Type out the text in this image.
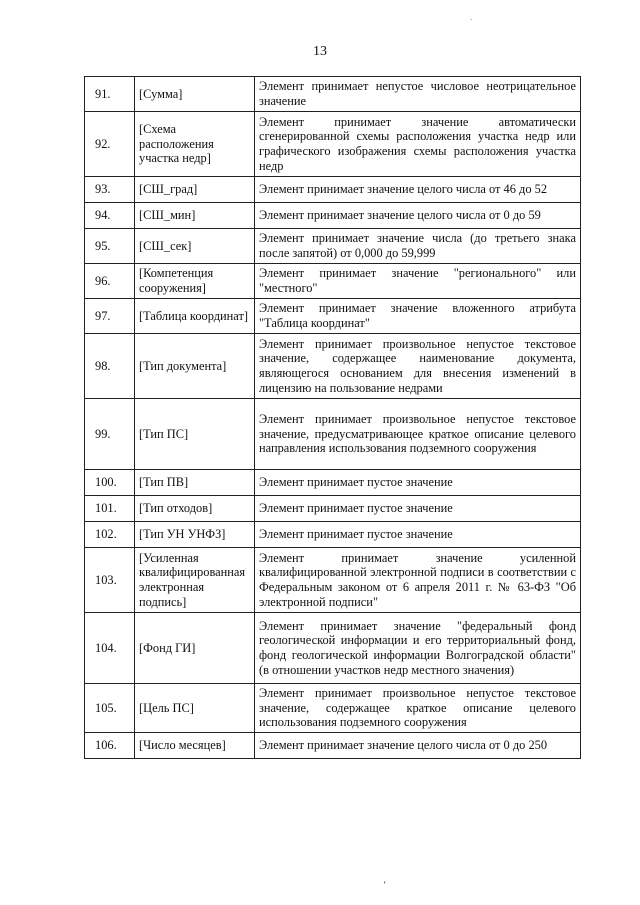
.
13
91.	[Сумма]	Элемент принимает непустое числовое неотрицательное значение
92.	[Схема расположения участка недр]	Элемент принимает значение автоматически сгенерированной схемы расположения участка недр или графического изображения схемы расположения участка недр
93.	[СШ_град]	Элемент принимает значение целого числа от 46 до 52
94.	[СШ_мин]	Элемент принимает значение целого числа от 0 до 59
95.	[СШ_сек]	Элемент принимает значение числа (до третьего знака после запятой) от 0,000 до 59,999
96.	[Компетенция сооружения]	Элемент принимает значение "регионального" или "местного"
97.	[Таблица координат]	Элемент принимает значение вложенного атрибута "Таблица координат"
98.	[Тип документа]	Элемент принимает произвольное непустое текстовое значение, содержащее наименование документа, являющегося основанием для внесения изменений в лицензию на пользование недрами
99.	[Тип ПС]	Элемент принимает произвольное непустое текстовое значение, предусматривающее краткое описание целевого направления использования подземного сооружения
100.	[Тип ПВ]	Элемент принимает пустое значение
101.	[Тип отходов]	Элемент принимает пустое значение
102.	[Тип УН УНФЗ]	Элемент принимает пустое значение
103.	[Усиленная квалифицированная электронная подпись]	Элемент принимает значение усиленной квалифицированной электронной подписи в соответствии с Федеральным законом от 6 апреля 2011 г. № 63-ФЗ "Об электронной подписи"
104.	[Фонд ГИ]	Элемент принимает значение "федеральный фонд геологической информации и его территориальный фонд, фонд геологической информации Волгоградской области" (в отношении участков недр местного значения)
105.	[Цель ПС]	Элемент принимает произвольное непустое текстовое значение, содержащее краткое описание целевого использования подземного сооружения
106.	[Число месяцев]	Элемент принимает значение целого числа от 0 до 250
‘
